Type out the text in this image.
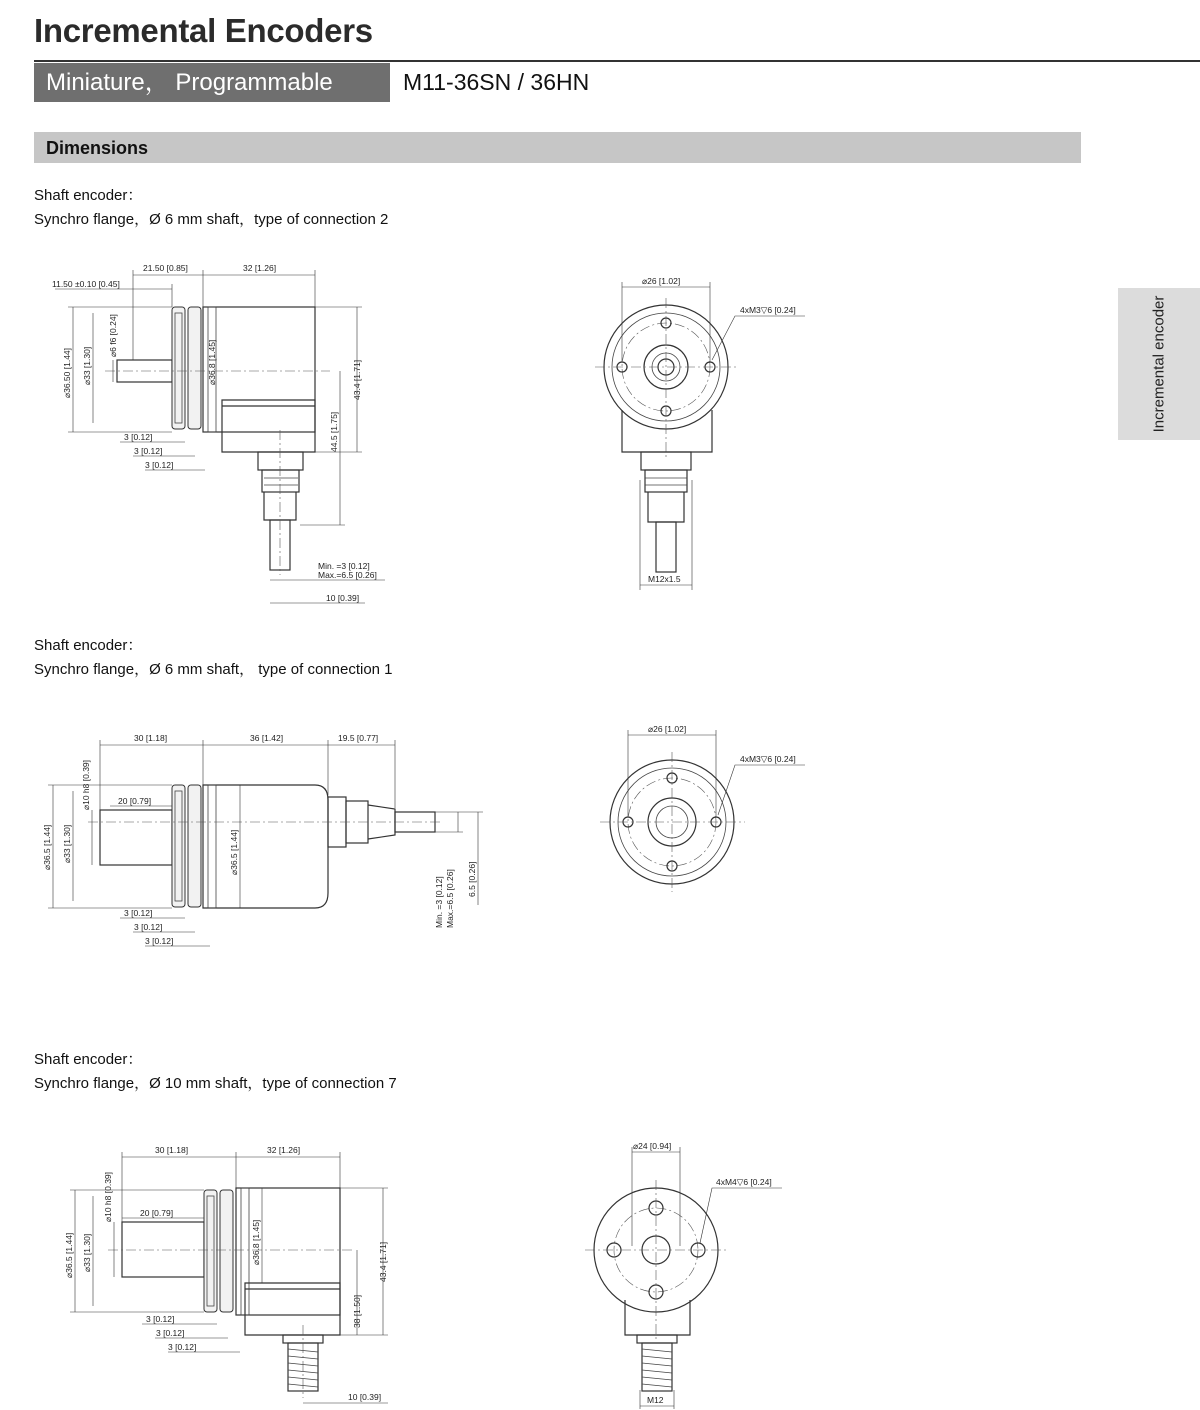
Incremental Encoders
Miniature， Programmable	M11-36SN / 36HN
Dimensions
Incremental encoder
Shaft encoder：
Synchro flange，Ø 6 mm shaft，type of connection 2
11.50 ±0.10 [0.45]
21.50 [0.85]	32 [1.26]
⌀36.50 [1.44] ⌀33 [1.30]
⌀6 f6 [0.24]
⌀36.8 [1.45]	43.4 [1.71]
44.5 [1.75]
3 [0.12]
3 [0.12]
3 [0.12]
Min. =3 [0.12]
Max.=6.5 [0.26]
10 [0.39]
⌀26 [1.02]
4xM3▽6 [0.24]
M12x1.5
Shaft encoder：
Synchro flange，Ø 6 mm shaft， type of connection 1
30 [1.18]	36 [1.42]	19.5 [0.77]
⌀10 h8 [0.39]	20 [0.79]
⌀36.5 [1.44] ⌀33 [1.30]	⌀36.5 [1.44]
3 [0.12]
3 [0.12]
3 [0.12]
Min. =3 [0.12] Max.=6.5 [0.26] 6.5 [0.26]
⌀26 [1.02]
4xM3▽6 [0.24]
Shaft encoder：
Synchro flange，Ø 10 mm shaft，type of connection 7
30 [1.18]	32 [1.26]
⌀10 h8 [0.39]	20 [0.79]
⌀36.5 [1.44] ⌀33 [1.30]	⌀36.8 [1.45]	43.4 [1.71]
38 [1.50]
3 [0.12]
3 [0.12]
3 [0.12]
10 [0.39]
⌀24 [0.94]
4xM4▽6 [0.24]
M12
